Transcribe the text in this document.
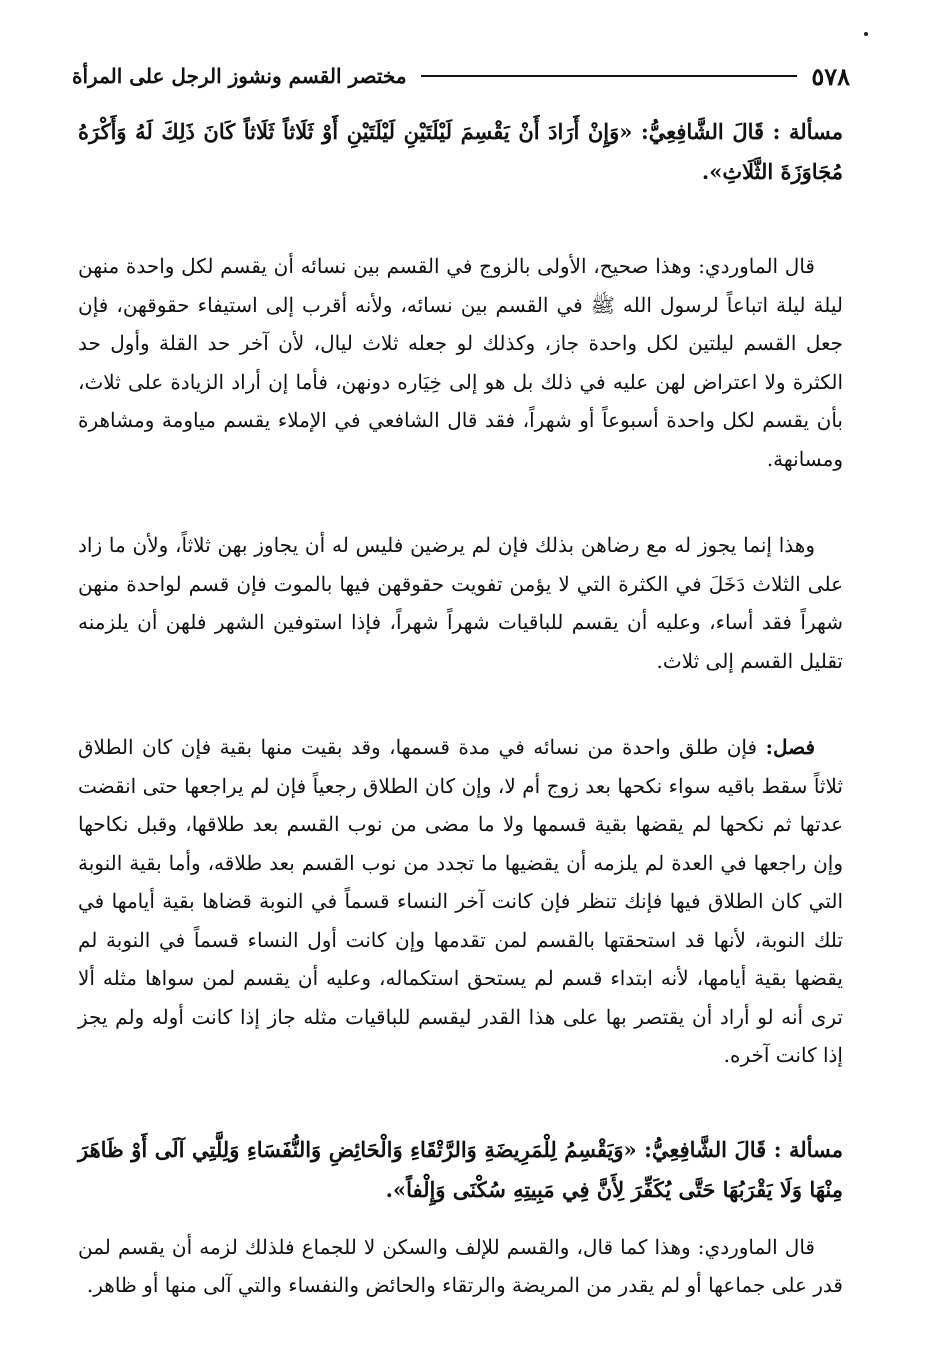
٥٧٨
مختصر القسم ونشوز الرجل على المرأة

مسألة : قَالَ الشَّافِعِيُّ: «وَإِنْ أَرَادَ أَنْ يَقْسِمَ لَيْلَتَيْنِ لَيْلَتَيْنِ أَوْ ثَلَاثاً ثَلَاثاً كَانَ ذَلِكَ لَهُ وَأَكْرَهُ مُجَاوَزَةَ الثَّلَاثِ».

قال الماوردي: وهذا صحيح، الأولى بالزوج في القسم بين نسائه أن يقسم لكل واحدة منهن ليلة ليلة اتباعاً لرسول الله ﷺ في القسم بين نسائه، ولأنه أقرب إلى استيفاء حقوقهن، فإن جعل القسم ليلتين لكل واحدة جاز، وكذلك لو جعله ثلاث ليال، لأن آخر حد القلة وأول حد الكثرة ولا اعتراض لهن عليه في ذلك بل هو إلى خِيَاره دونهن، فأما إن أراد الزيادة على ثلاث، بأن يقسم لكل واحدة أسبوعاً أو شهراً، فقد قال الشافعي في الإملاء يقسم مياومة ومشاهرة ومسانهة.

وهذا إنما يجوز له مع رضاهن بذلك فإن لم يرضين فليس له أن يجاوز بهن ثلاثاً، ولأن ما زاد على الثلاث دَخَلَ في الكثرة التي لا يؤمن تفويت حقوقهن فيها بالموت فإن قسم لواحدة منهن شهراً فقد أساء، وعليه أن يقسم للباقيات شهراً شهراً، فإذا استوفين الشهر فلهن أن يلزمنه تقليل القسم إلى ثلاث.

فصل: فإن طلق واحدة من نسائه في مدة قسمها، وقد بقيت منها بقية فإن كان الطلاق ثلاثاً سقط باقيه سواء نكحها بعد زوج أم لا، وإن كان الطلاق رجعياً فإن لم يراجعها حتى انقضت عدتها ثم نكحها لم يقضها بقية قسمها ولا ما مضى من نوب القسم بعد طلاقها، وقبل نكاحها وإن راجعها في العدة لم يلزمه أن يقضيها ما تجدد من نوب القسم بعد طلاقه، وأما بقية النوبة التي كان الطلاق فيها فإنك تنظر فإن كانت آخر النساء قسماً في النوبة قضاها بقية أيامها في تلك النوبة، لأنها قد استحقتها بالقسم لمن تقدمها وإن كانت أول النساء قسماً في النوبة لم يقضها بقية أيامها، لأنه ابتداء قسم لم يستحق استكماله، وعليه أن يقسم لمن سواها مثله ألا ترى أنه لو أراد أن يقتصر بها على هذا القدر ليقسم للباقيات مثله جاز إذا كانت أوله ولم يجز إذا كانت آخره.

مسألة : قَالَ الشَّافِعِيُّ: «وَيَقْسِمُ لِلْمَرِيضَةِ وَالرَّتْقَاءِ وَالْحَائِضِ وَالنُّفَسَاءِ وَلِلَّتِي آلَى أَوْ ظَاهَرَ مِنْهَا وَلَا يَقْرَبُهَا حَتَّى يُكَفِّرَ لِأَنَّ فِي مَبِيتِهِ سُكْنَى وَإِلْفاً».

قال الماوردي: وهذا كما قال، والقسم للإلف والسكن لا للجماع فلذلك لزمه أن يقسم لمن قدر على جماعها أو لم يقدر من المريضة والرتقاء والحائض والنفساء والتي آلى منها أو ظاهر.
